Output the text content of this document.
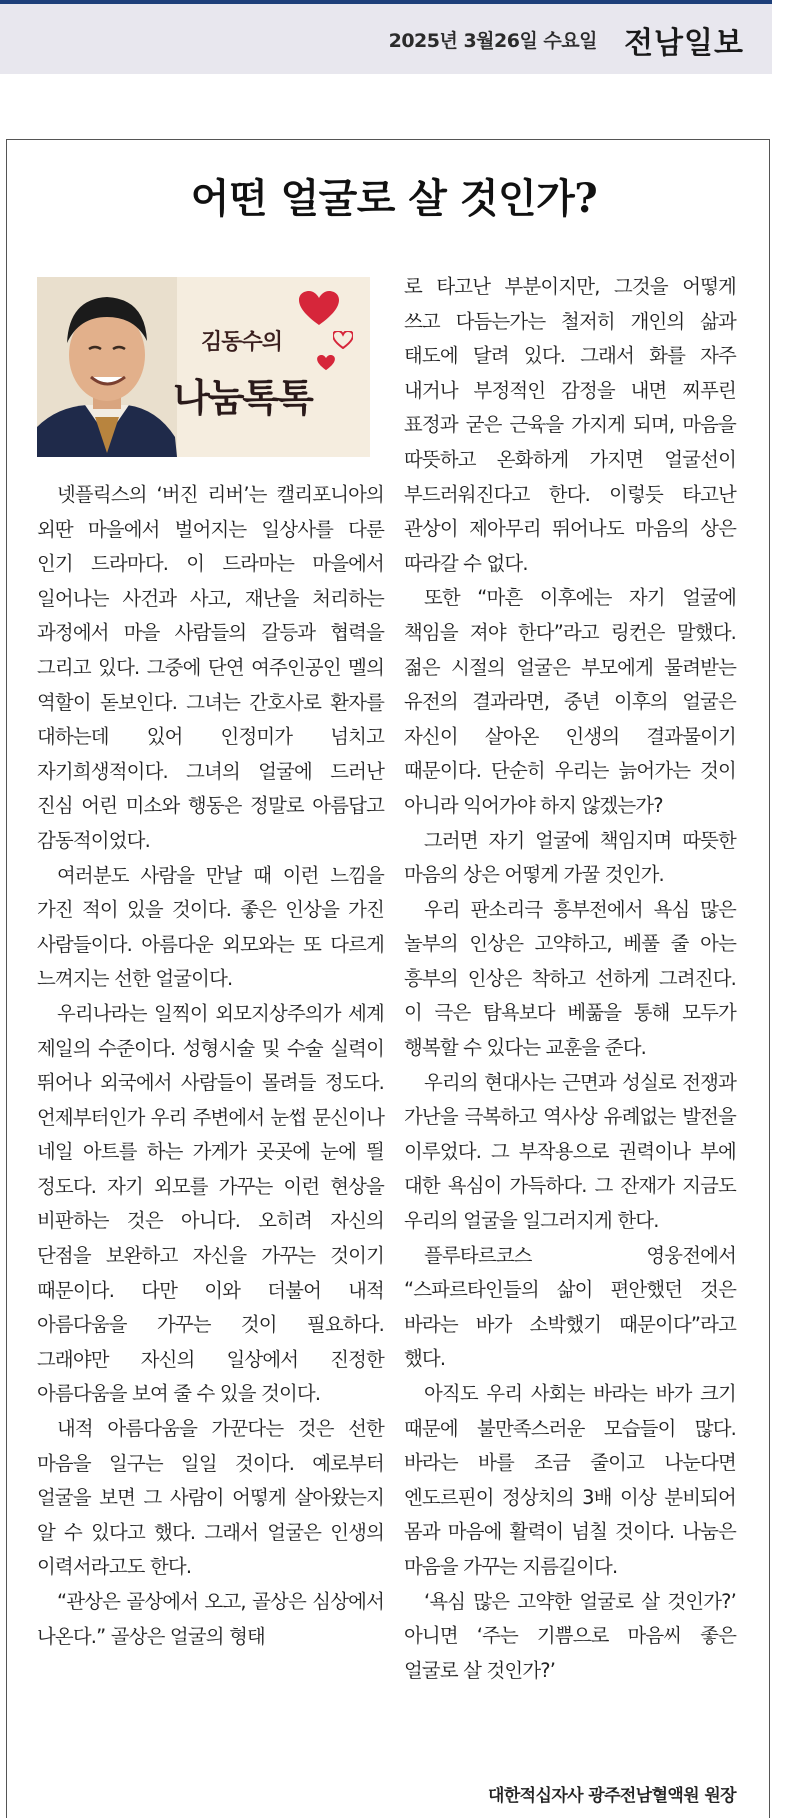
2025년 3월26일 수요일 전남일보
어떤 얼굴로 살 것인가?
김동수의
나눔톡톡

넷플릭스의 ‘버진 리버’는 캘리포니아의 외딴 마을에서 벌어지는 일상사를 다룬 인기 드라마다. 이 드라마는 마을에서 일어나는 사건과 사고, 재난을 처리하는 과정에서 마을 사람들의 갈등과 협력을 그리고 있다. 그중에 단연 여주인공인 멜의 역할이 돋보인다. 그녀는 간호사로 환자를 대하는데 있어 인정미가 넘치고 자기희생적이다. 그녀의 얼굴에 드러난 진심 어린 미소와 행동은 정말로 아름답고 감동적이었다.

여러분도 사람을 만날 때 이런 느낌을 가진 적이 있을 것이다. 좋은 인상을 가진 사람들이다. 아름다운 외모와는 또 다르게 느껴지는 선한 얼굴이다.

우리나라는 일찍이 외모지상주의가 세계 제일의 수준이다. 성형시술 및 수술 실력이 뛰어나 외국에서 사람들이 몰려들 정도다. 언제부터인가 우리 주변에서 눈썹 문신이나 네일 아트를 하는 가게가 곳곳에 눈에 띌 정도다. 자기 외모를 가꾸는 이런 현상을 비판하는 것은 아니다. 오히려 자신의 단점을 보완하고 자신을 가꾸는 것이기 때문이다. 다만 이와 더불어 내적 아름다움을 가꾸는 것이 필요하다. 그래야만 자신의 일상에서 진정한 아름다움을 보여 줄 수 있을 것이다.

내적 아름다움을 가꾼다는 것은 선한 마음을 일구는 일일 것이다. 예로부터 얼굴을 보면 그 사람이 어떻게 살아왔는지 알 수 있다고 했다. 그래서 얼굴은 인생의 이력서라고도 한다.

“관상은 골상에서 오고, 골상은 심상에서 나온다.” 골상은 얼굴의 형태

로 타고난 부분이지만, 그것을 어떻게 쓰고 다듬는가는 철저히 개인의 삶과 태도에 달려 있다. 그래서 화를 자주 내거나 부정적인 감정을 내면 찌푸린 표정과 굳은 근육을 가지게 되며, 마음을 따뜻하고 온화하게 가지면 얼굴선이 부드러워진다고 한다. 이렇듯 타고난 관상이 제아무리 뛰어나도 마음의 상은 따라갈 수 없다.

또한 “마흔 이후에는 자기 얼굴에 책임을 져야 한다”라고 링컨은 말했다. 젊은 시절의 얼굴은 부모에게 물려받는 유전의 결과라면, 중년 이후의 얼굴은 자신이 살아온 인생의 결과물이기 때문이다. 단순히 우리는 늙어가는 것이 아니라 익어가야 하지 않겠는가?

그러면 자기 얼굴에 책임지며 따뜻한 마음의 상은 어떻게 가꿀 것인가.

우리 판소리극 흥부전에서 욕심 많은 놀부의 인상은 고약하고, 베풀 줄 아는 흥부의 인상은 착하고 선하게 그려진다. 이 극은 탐욕보다 베풂을 통해 모두가 행복할 수 있다는 교훈을 준다.

우리의 현대사는 근면과 성실로 전쟁과 가난을 극복하고 역사상 유례없는 발전을 이루었다. 그 부작용으로 권력이나 부에 대한 욕심이 가득하다. 그 잔재가 지금도 우리의 얼굴을 일그러지게 한다.

플루타르코스 영웅전에서 “스파르타인들의 삶이 편안했던 것은 바라는 바가 소박했기 때문이다”라고 했다.

아직도 우리 사회는 바라는 바가 크기 때문에 불만족스러운 모습들이 많다. 바라는 바를 조금 줄이고 나눈다면 엔도르핀이 정상치의 3배 이상 분비되어 몸과 마음에 활력이 넘칠 것이다. 나눔은 마음을 가꾸는 지름길이다.

‘욕심 많은 고약한 얼굴로 살 것인가?’ 아니면 ‘주는 기쁨으로 마음씨 좋은 얼굴로 살 것인가?’

대한적십자사 광주전남혈액원 원장
